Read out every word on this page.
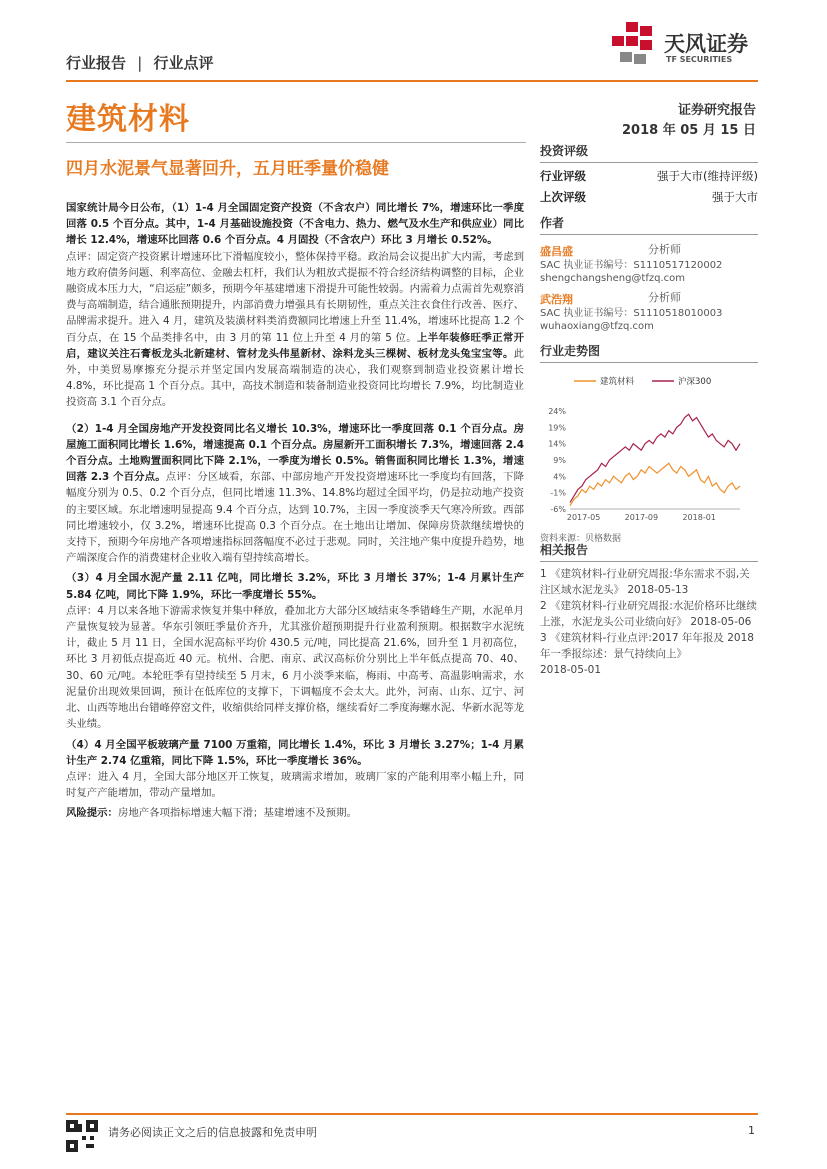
天风证券
TF SECURITIES
行业报告 | 行业点评
建筑材料	证券研究报告
2018 年 05 月 15 日
四月水泥景气显著回升，五月旺季量价稳健

国家统计局今日公布，（1）1-4 月全国固定资产投资（不含农户）同比增长 7%，增速环比一季度回落 0.5 个百分点。其中，1-4 月基础设施投资（不含电力、热力、燃气及水生产和供应业）同比增长 12.4%，增速环比回落 0.6 个百分点。4 月固投（不含农户）环比 3 月增长 0.52%。
点评：固定资产投资累计增速环比下滑幅度较小，整体保持平稳。政治局会议提出扩大内需，考虑到地方政府债务问题、利率高位、金融去杠杆，我们认为粗放式提振不符合经济结构调整的目标，企业融资成本压力大，“启运症”颇多，预期今年基建增速下滑提升可能性较弱。内需着力点需首先观察消费与高端制造，结合通胀预期提升，内部消费力增强具有长期韧性，重点关注衣食住行改善、医疗、品牌需求提升。进入 4 月，建筑及装潢材料类消费额同比增速上升至 11.4%，增速环比提高 1.2 个百分点，在 15 个品类排名中，由 3 月的第 11 位上升至 4 月的第 5 位。上半年装修旺季正常开启，建议关注石膏板龙头北新建材、管材龙头伟星新材、涂料龙头三棵树、板材龙头兔宝宝等。此外，中美贸易摩擦充分提示并坚定国内发展高端制造的决心，我们观察到制造业投资累计增长 4.8%，环比提高 1 个百分点。其中，高技术制造和装备制造业投资同比均增长 7.9%，均比制造业投资高 3.1 个百分点。

（2）1-4 月全国房地产开发投资同比名义增长 10.3%，增速环比一季度回落 0.1 个百分点。房屋施工面积同比增长 1.6%，增速提高 0.1 个百分点。房屋新开工面积增长 7.3%，增速回落 2.4 个百分点。土地购置面积同比下降 2.1%，一季度为增长 0.5%。销售面积同比增长 1.3%，增速回落 2.3 个百分点。点评：分区域看，东部、中部房地产开发投资增速环比一季度均有回落，下降幅度分别为 0.5、0.2 个百分点，但同比增速 11.3%、14.8%均超过全国平均，仍是拉动地产投资的主要区域。东北增速明显提高 9.4 个百分点，达到 10.7%，主因一季度淡季天气寒冷所致。西部同比增速较小，仅 3.2%，增速环比提高 0.3 个百分点。在土地出让增加、保障房贷款继续增快的支持下，预期今年房地产各项增速指标回落幅度不必过于悲观。同时，关注地产集中度提升趋势，地产端深度合作的消费建材企业收入端有望持续高增长。

（3）4 月全国水泥产量 2.11 亿吨，同比增长 3.2%，环比 3 月增长 37%；1-4 月累计生产 5.84 亿吨，同比下降 1.9%，环比一季度增长 55%。
点评：4 月以来各地下游需求恢复并集中释放，叠加北方大部分区域结束冬季错峰生产期，水泥单月产量恢复较为显著。华东引领旺季量价齐升，尤其涨价超预期提升行业盈利预期。根据数字水泥统计，截止 5 月 11 日，全国水泥高标平均价 430.5 元/吨，同比提高 21.6%，回升至 1 月初高位，环比 3 月初低点提高近 40 元。杭州、合肥、南京、武汉高标价分别比上半年低点提高 70、40、30、60 元/吨。本轮旺季有望持续至 5 月末，6 月小淡季来临，梅雨、中高考、高温影响需求，水泥量价出现效果回调，预计在低库位的支撑下，下调幅度不会太大。此外，河南、山东、辽宁、河北、山西等地出台错峰停窑文件，收缩供给同样支撑价格，继续看好二季度海螺水泥、华新水泥等龙头业绩。

（4）4 月全国平板玻璃产量 7100 万重箱，同比增长 1.4%，环比 3 月增长 3.27%；1-4 月累计生产 2.74 亿重箱，同比下降 1.5%，环比一季度增长 36%。
点评：进入 4 月，全国大部分地区开工恢复，玻璃需求增加，玻璃厂家的产能利用率小幅上升，同时复产产能增加，带动产量增加。

风险提示：房地产各项指标增速大幅下滑；基建增速不及预期。

投资评级
行业评级	强于大市(维持评级)
上次评级	强于大市
作者
盛昌盛	分析师
SAC 执业证书编号：S1110517120002
shengchangsheng@tfzq.com
武浩翔	分析师
SAC 执业证书编号：S1110518010003
wuhaoxiang@tfzq.com
行业走势图
建筑材料	沪深300
24%
19%
14%
9%
4%
-1%
-6%
2017-05	2017-09	2018-01
资料来源：贝格数据
相关报告
1 《建筑材料-行业研究周报:华东需求不弱,关注区域水泥龙头》 2018-05-13
2 《建筑材料-行业研究周报:水泥价格环比继续上涨，水泥龙头公司业绩向好》 2018-05-06
3 《建筑材料-行业点评:2017 年年报及 2018 年一季报综述：景气持续向上》
2018-05-01
请务必阅读正文之后的信息披露和免责申明	1
